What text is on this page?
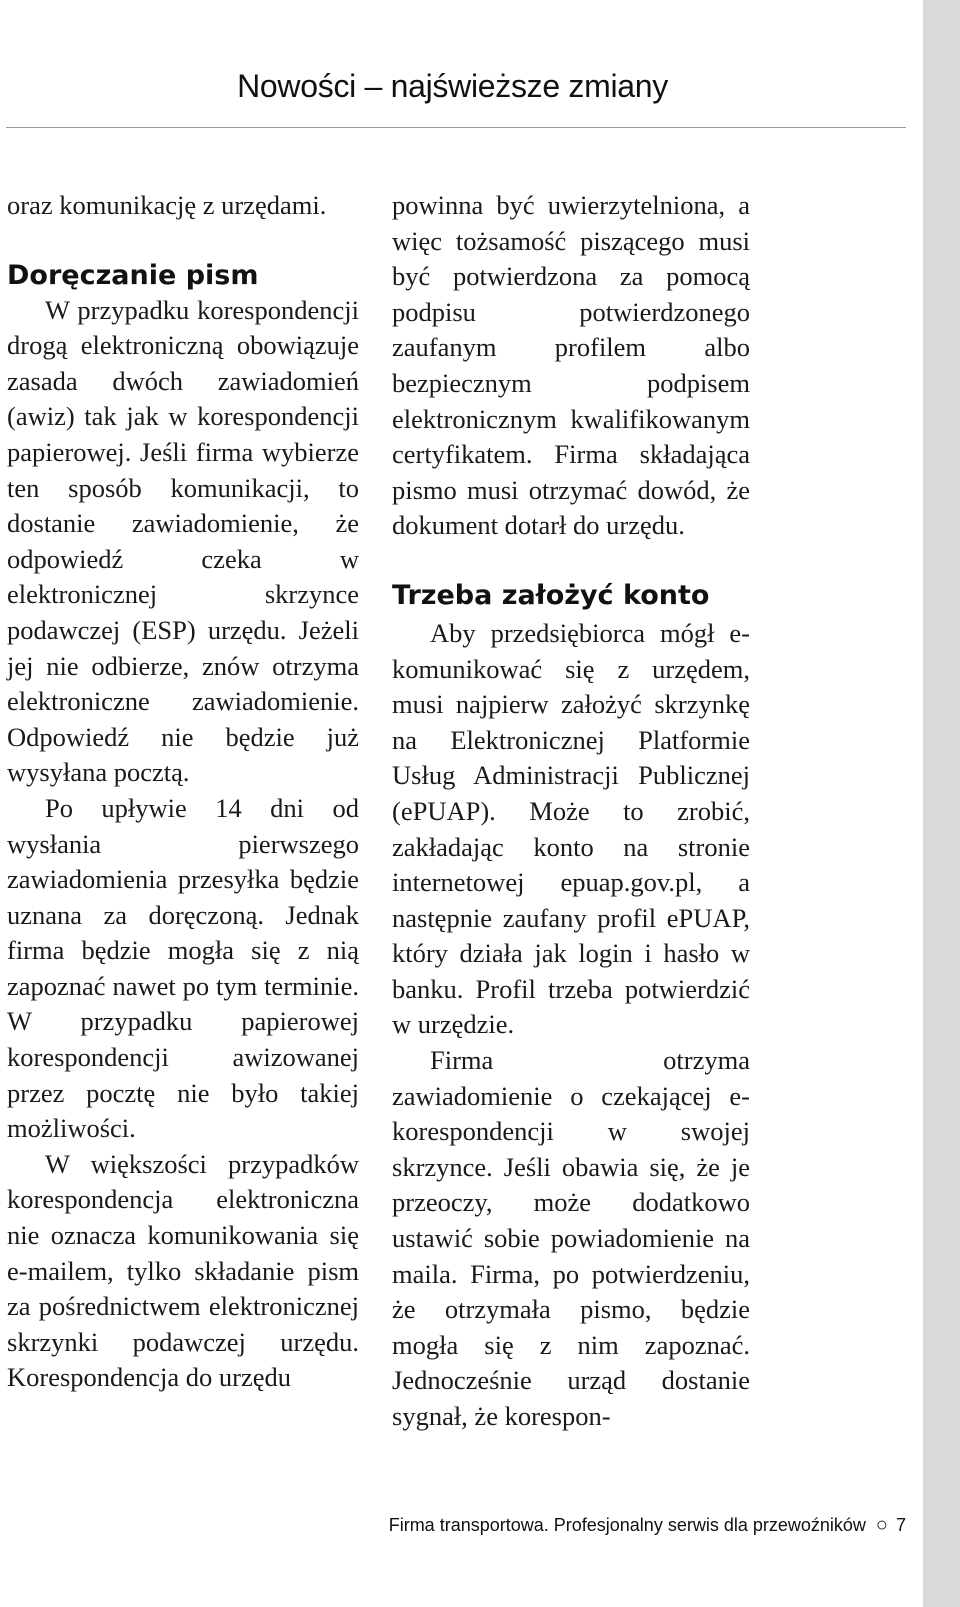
Nowości – najświeższe zmiany

oraz komunikację z urzędami.

Doręczanie pism

W przypadku korespondencji drogą elektroniczną obowiązuje zasada dwóch zawiadomień (awiz) tak jak w korespondencji papierowej. Jeśli firma wybierze ten sposób komunikacji, to dostanie zawiadomienie, że odpowiedź czeka w elektronicznej skrzynce podawczej (ESP) urzędu. Jeżeli jej nie odbierze, znów otrzyma elektroniczne zawiadomienie. Odpowiedź nie będzie już wysyłana pocztą.

Po upływie 14 dni od wysłania pierwszego zawiadomienia przesyłka będzie uznana za doręczoną. Jednak firma będzie mogła się z nią zapoznać nawet po tym terminie. W przypadku papierowej korespondencji awizowanej przez pocztę nie było takiej możliwości.

W większości przypadków korespondencja elektroniczna nie oznacza komunikowania się e-mailem, tylko składanie pism za pośrednictwem elektronicznej skrzynki podawczej urzędu. Korespondencja do urzędu

powinna być uwierzytelniona, a więc tożsamość piszącego musi być potwierdzona za pomocą podpisu potwierdzonego zaufanym profilem albo bezpiecznym podpisem elektronicznym kwalifikowanym certyfikatem. Firma składająca pismo musi otrzymać dowód, że dokument dotarł do urzędu.

Trzeba założyć konto

Aby przedsiębiorca mógł e-komunikować się z urzędem, musi najpierw założyć skrzynkę na Elektronicznej Platformie Usług Administracji Publicznej (ePUAP). Może to zrobić, zakładając konto na stronie internetowej epuap.gov.pl, a następnie zaufany profil ePUAP, który działa jak login i hasło w banku. Profil trzeba potwierdzić w urzędzie.

Firma otrzyma zawiadomienie o czekającej e-korespondencji w swojej skrzynce. Jeśli obawia się, że je przeoczy, może dodatkowo ustawić sobie powiadomienie na maila. Firma, po potwierdzeniu, że otrzymała pismo, będzie mogła się z nim zapoznać. Jednocześnie urząd dostanie sygnał, że korespon-

Firma transportowa. Profesjonalny serwis dla przewoźników ○ 7
